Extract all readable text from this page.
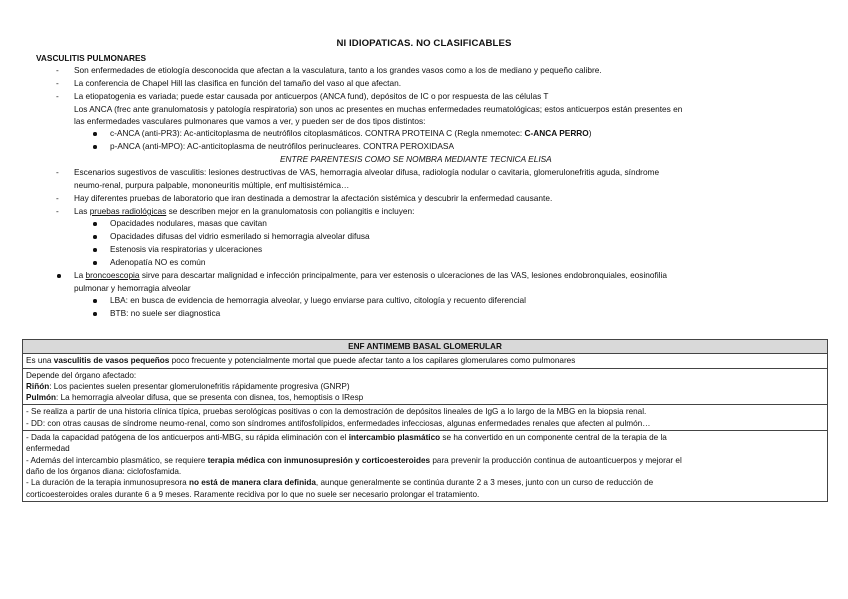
NI IDIOPATICAS. NO CLASIFICABLES
VASCULITIS PULMONARES
- Son enfermedades de etiología desconocida que afectan a la vasculatura, tanto a los grandes vasos como a los de mediano y pequeño calibre.
- La conferencia de Chapel Hill las clasifica en función del tamaño del vaso al que afectan.
- La etiopatogenia es variada; puede estar causada por anticuerpos (ANCA fund), depósitos de IC o por respuesta de las células T
Los ANCA (frec ante granulomatosis y patología respiratoria) son unos ac presentes en muchas enfermedades reumatológicas; estos anticuerpos están presentes en
las enfermedades vasculares pulmonares que vamos a ver, y pueden ser de dos tipos distintos:
c-ANCA (anti-PR3): Ac-anticitoplasma de neutrófilos citoplasmáticos. CONTRA PROTEINA C (Regla nmemotec: C-ANCA PERRO)
p-ANCA (anti-MPO): AC-anticitoplasma de neutrófilos perinucleares. CONTRA PEROXIDASA
ENTRE PARENTESIS COMO SE NOMBRA MEDIANTE TECNICA ELISA
- Escenarios sugestivos de vasculitis: lesiones destructivas de VAS, hemorragia alveolar difusa, radiología nodular o cavitaria, glomerulonefritis aguda, síndrome
neumo-renal, purpura palpable, mononeuritis múltiple, enf multisistémica…
- Hay diferentes pruebas de laboratorio que iran destinada a demostrar la afectación sistémica y descubrir la enfermedad causante.
- Las pruebas radiológicas se describen mejor en la granulomatosis con poliangitis e incluyen:
Opacidades nodulares, masas que cavitan
Opacidades difusas del vidrio esmerilado si hemorragia alveolar difusa
Estenosis via respiratorias y ulceraciones
Adenopatía NO es común
La broncoescopia sirve para descartar malignidad e infección principalmente, para ver estenosis o ulceraciones de las VAS, lesiones endobronquiales, eosinofilia
pulmonar y hemorragia alveolar
LBA: en busca de evidencia de hemorragia alveolar, y luego enviarse para cultivo, citología y recuento diferencial
BTB: no suele ser diagnostica
ENF ANTIMEMB BASAL GLOMERULAR
Es una vasculitis de vasos pequeños poco frecuente y potencialmente mortal que puede afectar tanto a los capilares glomerulares como pulmonares

Depende del órgano afectado:
Riñón: Los pacientes suelen presentar glomerulonefritis rápidamente progresiva (GNRP)
Pulmón: La hemorragia alveolar difusa, que se presenta con disnea, tos, hemoptisis o IResp

- Se realiza a partir de una historia clínica típica, pruebas serológicas positivas o con la demostración de depósitos lineales de IgG a lo largo de la MBG en la biopsia renal.
- DD: con otras causas de síndrome neumo-renal, como son síndromes antifosfolípidos, enfermedades infecciosas, algunas enfermedades renales que afecten al pulmón…

- Dada la capacidad patógena de los anticuerpos anti-MBG, su rápida eliminación con el intercambio plasmático se ha convertido en un componente central de la terapia de la
enfermedad
- Además del intercambio plasmático, se requiere terapia médica con inmunosupresión y corticoesteroides para prevenir la producción continua de autoanticuerpos y mejorar el
daño de los órganos diana: ciclofosfamida.
- La duración de la terapia inmunosupresora no está de manera clara definida, aunque generalmente se continúa durante 2 a 3 meses, junto con un curso de reducción de
corticoesteroides orales durante 6 a 9 meses. Raramente recidiva por lo que no suele ser necesario prolongar el tratamiento.
